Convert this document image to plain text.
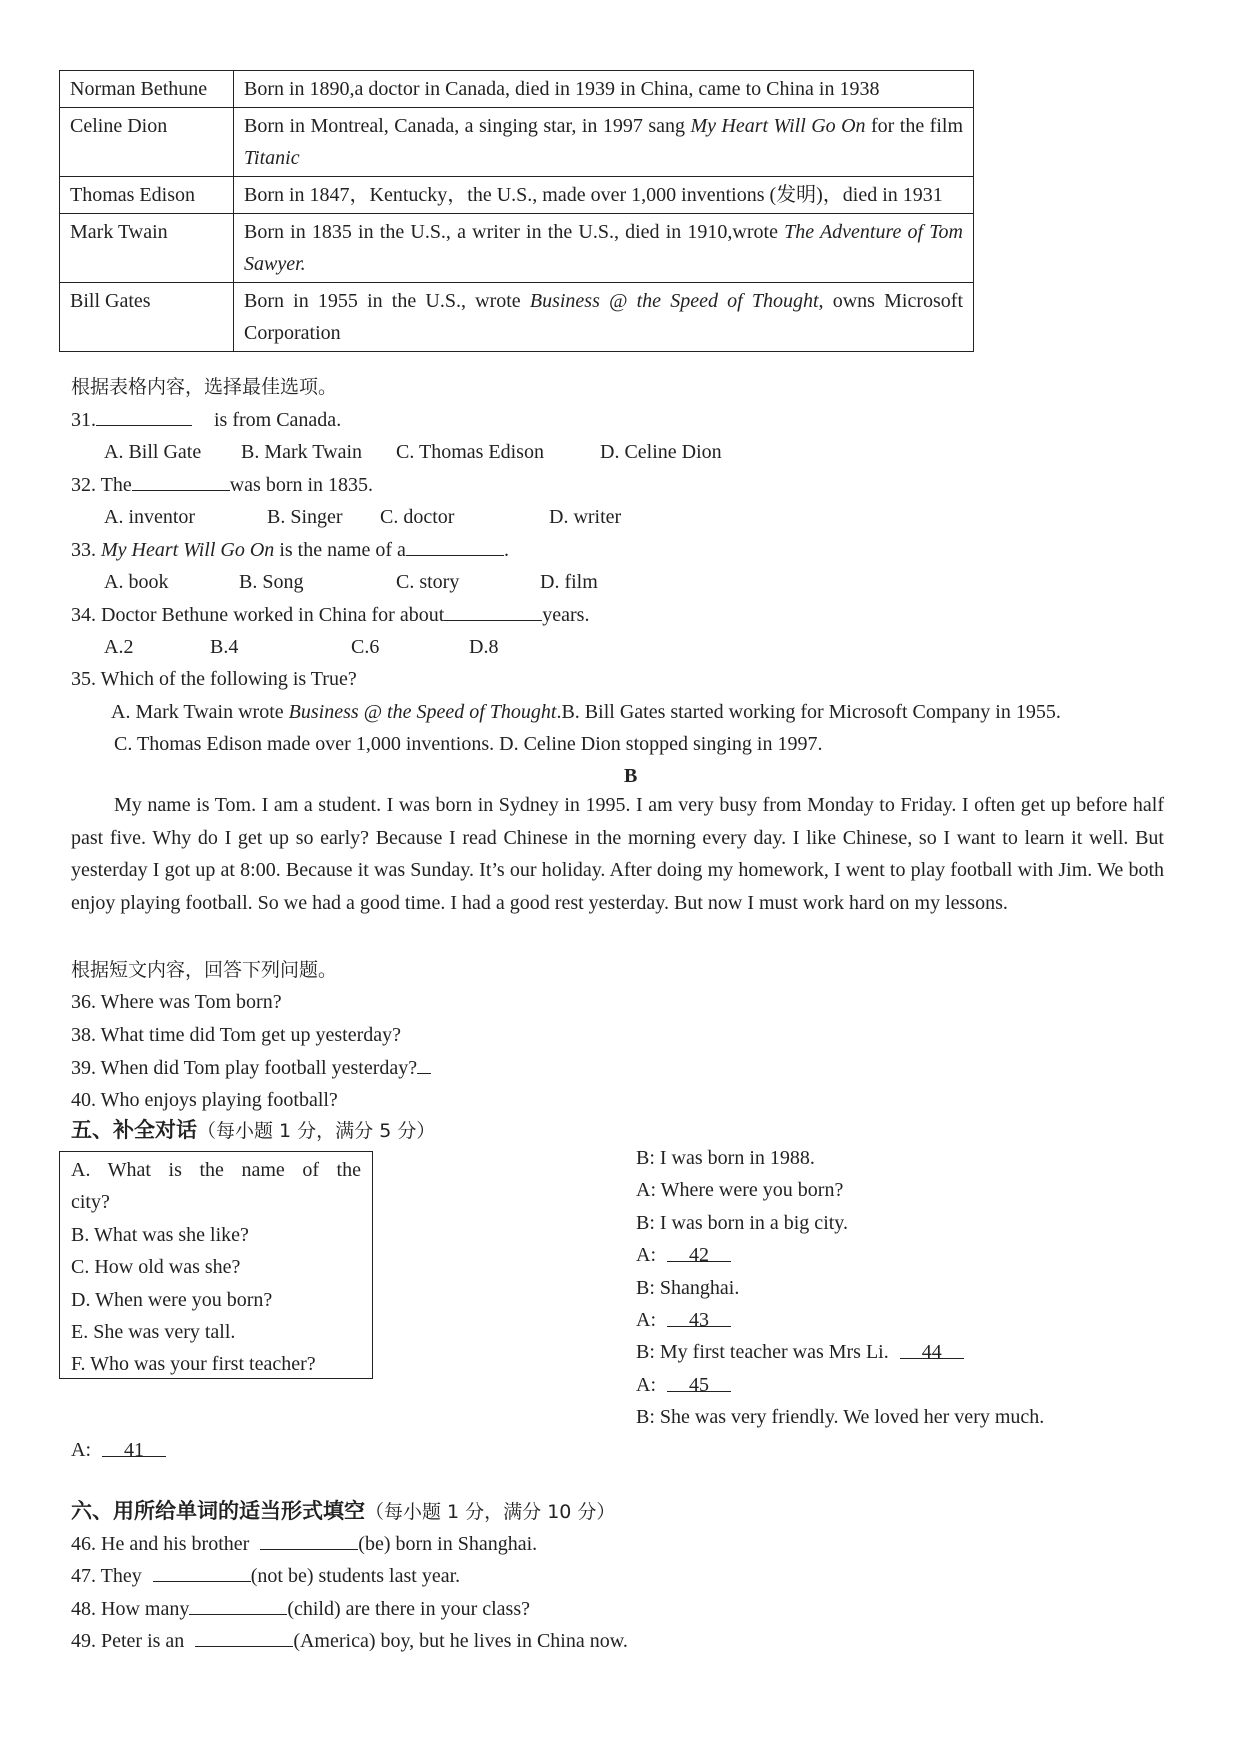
Norman Bethune	Born in 1890,a doctor in Canada, died in 1939 in China, came to China in 1938
Celine Dion	Born in Montreal, Canada, a singing star, in 1997 sang My Heart Will Go On for the film Titanic
Thomas Edison	Born in 1847，Kentucky，the U.S., made over 1,000 inventions (发明)，died in 1931
Mark Twain	Born in 1835 in the U.S., a writer in the U.S., died in 1910,wrote The Adventure of Tom Sawyer.
Bill Gates	Born in 1955 in the U.S., wrote Business @ the Speed of Thought, owns Microsoft Corporation
根据表格内容，选择最佳选项。
31.	is from Canada.
A. Bill Gate B. Mark Twain C. Thomas Edison	D. Celine Dion
32. The	was born in 1835.
A. inventor	B. Singer C. doctor	D. writer
33. My Heart Will Go On is the name of a	.
A. book	B. Song	C. story	D. film
34. Doctor Bethune worked in China for about	years.
A.2	B.4	C.6	D.8
35. Which of the following is True?
A. Mark Twain wrote Business @ the Speed of Thought.B. Bill Gates started working for Microsoft Company in 1955.
C. Thomas Edison made over 1,000 inventions. D. Celine Dion stopped singing in 1997.
B
My name is Tom. I am a student. I was born in Sydney in 1995. I am very busy from Monday to Friday. I often get up before half past five. Why do I get up so early? Because I read Chinese in the morning every day. I like Chinese, so I want to learn it well. But yesterday I got up at 8:00. Because it was Sunday. It’s our holiday. After doing my homework, I went to play football with Jim. We both enjoy playing football. So we had a good time. I had a good rest yesterday. But now I must work hard on my lessons.
根据短文内容，回答下列问题。
36. Where was Tom born?
38. What time did Tom get up yesterday?
39. When did Tom play football yesterday?
40. Who enjoys playing football?
五、补全对话（每小题 1 分，满分 5 分）
A. What is the name of the
city?
B. What was she like?
C. How old was she?
D. When were you born?
E. She was very tall.
F. Who was your first teacher?
B: I was born in 1988.
A: Where were you born?
B: I was born in a big city.
A: 42
B: Shanghai.
A: 43
B: My first teacher was Mrs Li. 44
A: 45
B: She was very friendly. We loved her very much.
A: 41
六、用所给单词的适当形式填空（每小题 1 分，满分 10 分）
46. He and his brother	(be) born in Shanghai.
47. They	(not be) students last year.
48. How many	(child) are there in your class?
49. Peter is an	(America) boy, but he lives in China now.
